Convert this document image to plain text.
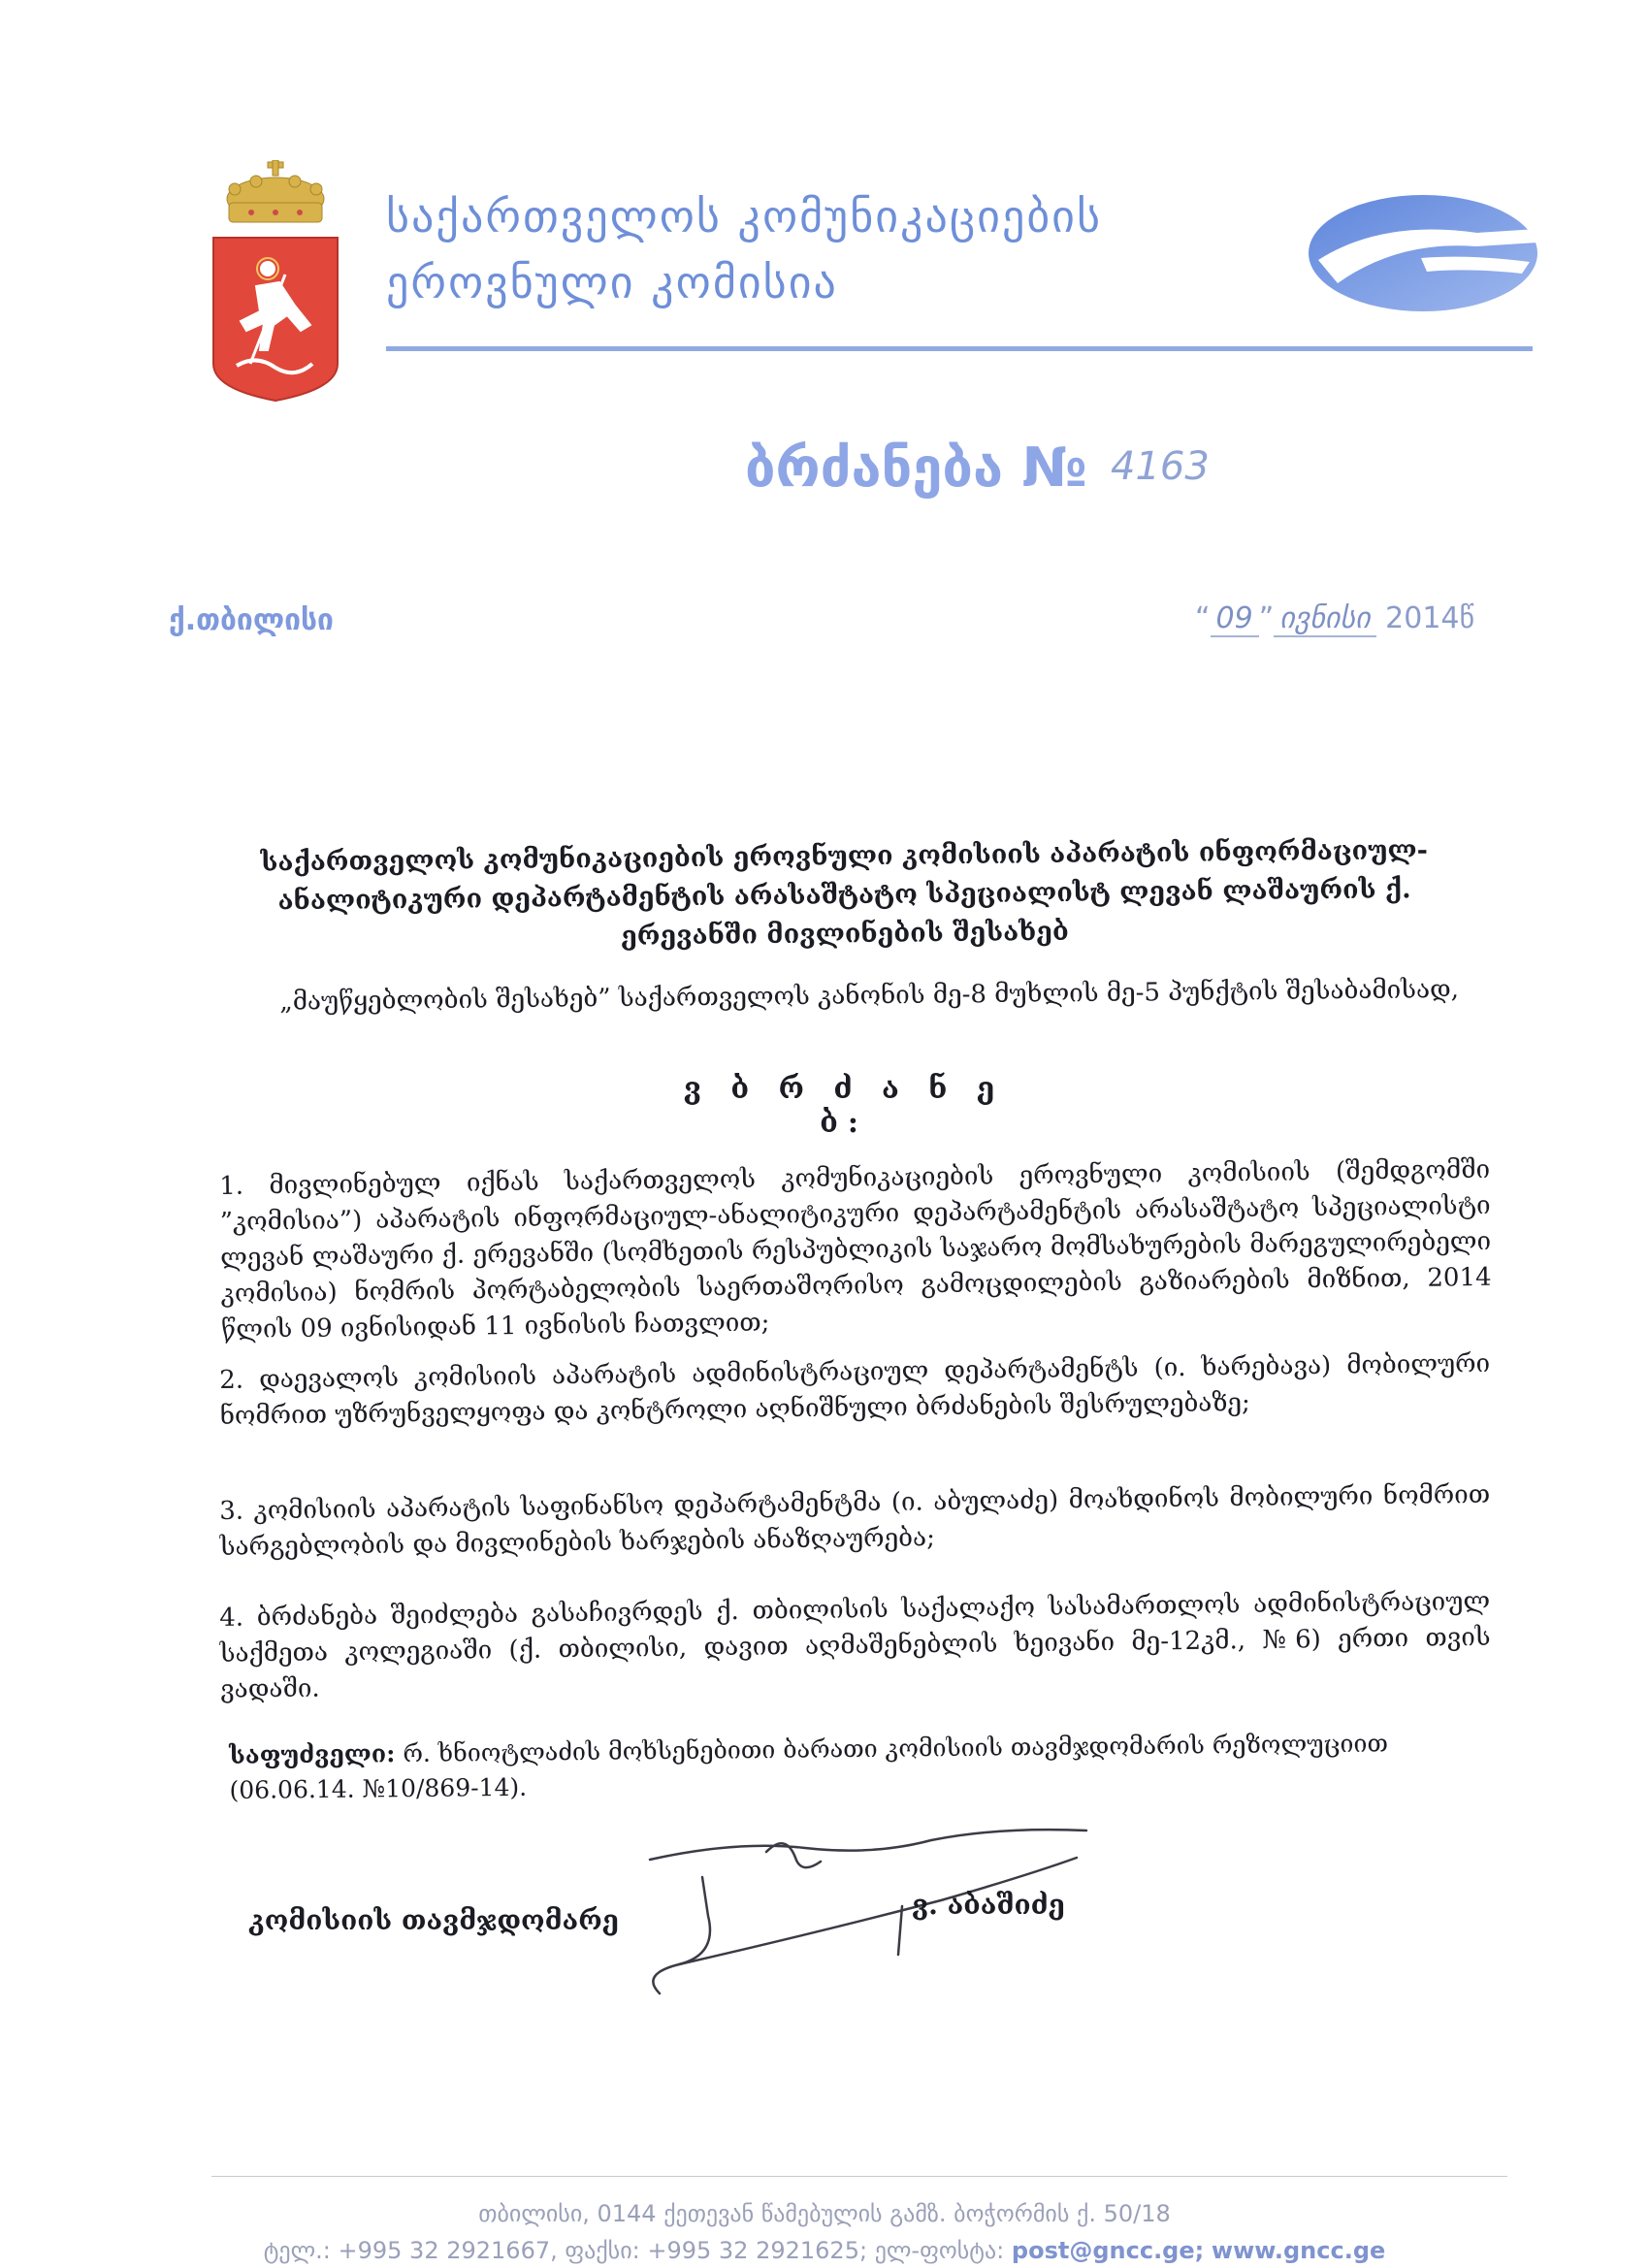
საქართველოს კომუნიკაციების
ეროვნული კომისია
ბრძანება № 4163
ქ.თბილისი	“ 09 ” ივნისი 2014წ
საქართველოს კომუნიკაციების ეროვნული კომისიის აპარატის ინფორმაციულ-ანალიტიკური დეპარტამენტის არასაშტატო სპეციალისტ ლევან ლაშაურის ქ. ერევანში მივლინების შესახებ
„მაუწყებლობის შესახებ” საქართველოს კანონის მე-8 მუხლის მე-5 პუნქტის შესაბამისად,
ვ ბ რ ძ ა ნ ე ბ:
1. მივლინებულ იქნას საქართველოს კომუნიკაციების ეროვნული კომისიის (შემდგომში ”კომისია”) აპარატის ინფორმაციულ-ანალიტიკური დეპარტამენტის არასაშტატო სპეციალისტი ლევან ლაშაური ქ. ერევანში (სომხეთის რესპუბლიკის საჯარო მომსახურების მარეგულირებელი კომისია) ნომრის პორტაბელობის საერთაშორისო გამოცდილების გაზიარების მიზნით, 2014 წლის 09 ივნისიდან 11 ივნისის ჩათვლით;
2. დაევალოს კომისიის აპარატის ადმინისტრაციულ დეპარტამენტს (ი. ხარებავა) მობილური ნომრით უზრუნველყოფა და კონტროლი აღნიშნული ბრძანების შესრულებაზე;
3. კომისიის აპარატის საფინანსო დეპარტამენტმა (ი. აბულაძე) მოახდინოს მობილური ნომრით სარგებლობის და მივლინების ხარჯების ანაზღაურება;
4. ბრძანება შეიძლება გასაჩივრდეს ქ. თბილისის საქალაქო სასამართლოს ადმინისტრაციულ საქმეთა კოლეგიაში (ქ. თბილისი, დავით აღმაშენებლის ხეივანი მე-12კმ., №6) ერთი თვის ვადაში.
საფუძველი: რ. ხნიოტლაძის მოხსენებითი ბარათი კომისიის თავმჯდომარის რეზოლუციით (06.06.14. №10/869-14).
კომისიის თავმჯდომარე	ვ. აბაშიძე
თბილისი, 0144 ქეთევან წამებულის გამზ. ბოჭორმის ქ. 50/18
ტელ.: +995 32 2921667, ფაქსი: +995 32 2921625; ელ-ფოსტა: post@gncc.ge; www.gncc.ge
